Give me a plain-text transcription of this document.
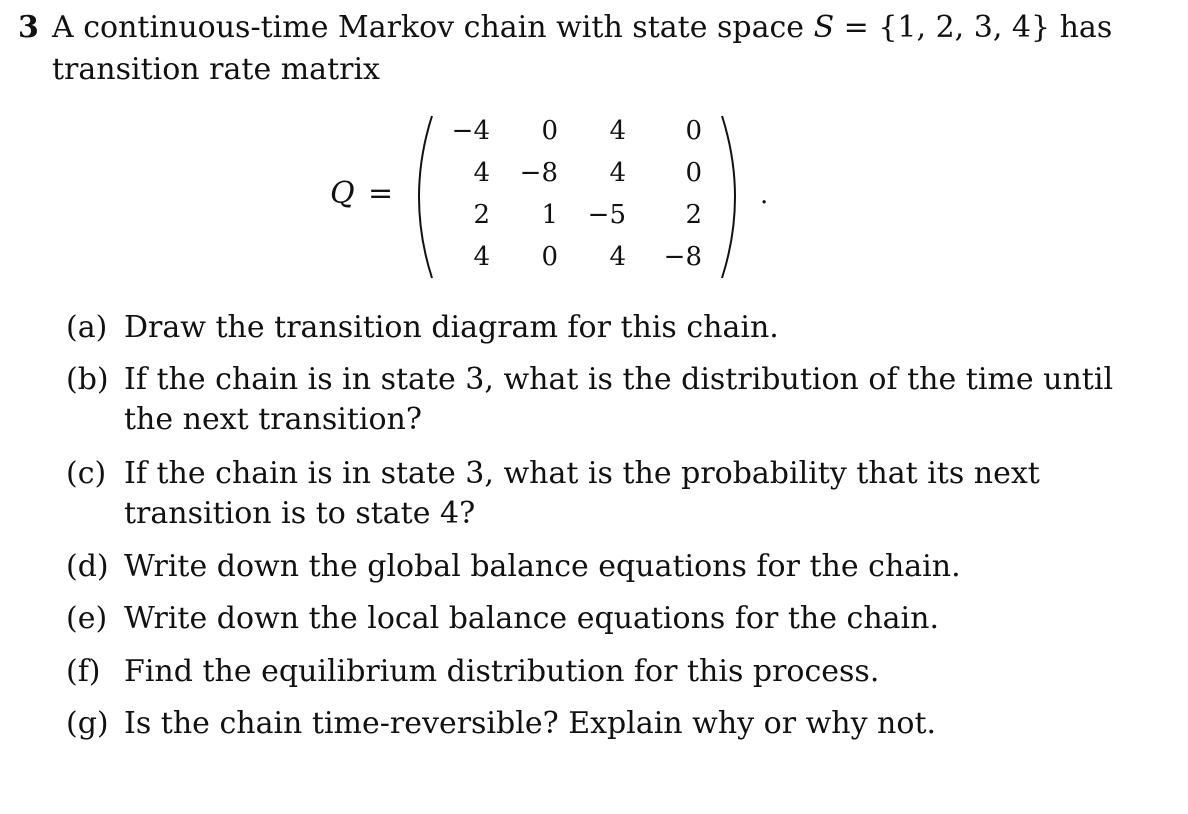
3 A continuous-time Markov chain with state space S = {1, 2, 3, 4} has
transition rate matrix
Q =
−4	0	4	0
4	−8	4	0
2	1	−5	2
4	0	4	−8
.
(a) Draw the transition diagram for this chain.
(b) If the chain is in state 3, what is the distribution of the time until
the next transition?
(c) If the chain is in state 3, what is the probability that its next
transition is to state 4?
(d) Write down the global balance equations for the chain.
(e) Write down the local balance equations for the chain.
(f) Find the equilibrium distribution for this process.
(g) Is the chain time-reversible? Explain why or why not.
